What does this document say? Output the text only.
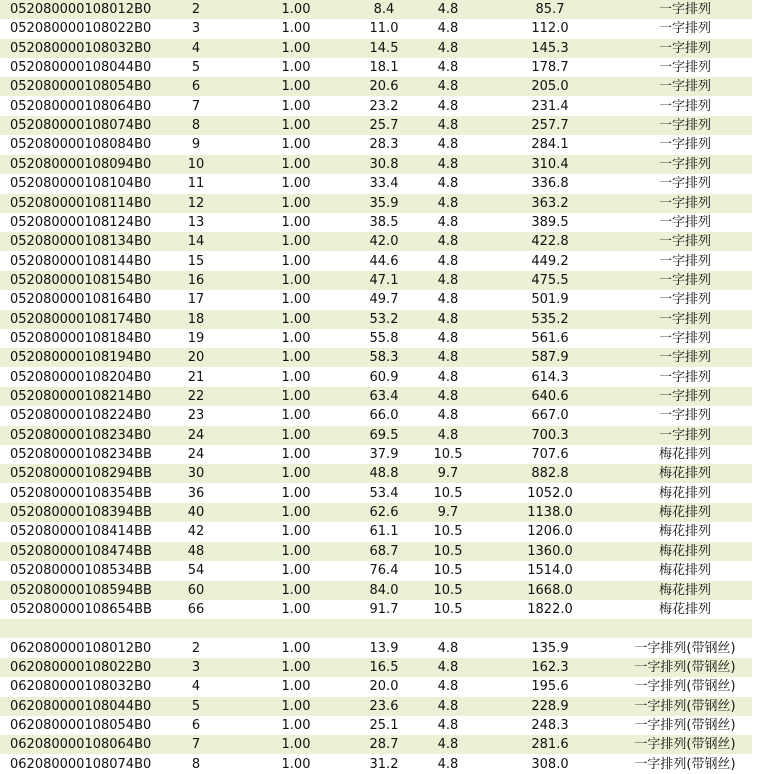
052080000108012B0	2	1.00	8.4	4.8	85.7	一字排列
052080000108022B0	3	1.00	11.0	4.8	112.0	一字排列
052080000108032B0	4	1.00	14.5	4.8	145.3	一字排列
052080000108044B0	5	1.00	18.1	4.8	178.7	一字排列
052080000108054B0	6	1.00	20.6	4.8	205.0	一字排列
052080000108064B0	7	1.00	23.2	4.8	231.4	一字排列
052080000108074B0	8	1.00	25.7	4.8	257.7	一字排列
052080000108084B0	9	1.00	28.3	4.8	284.1	一字排列
052080000108094B0	10	1.00	30.8	4.8	310.4	一字排列
052080000108104B0	11	1.00	33.4	4.8	336.8	一字排列
052080000108114B0	12	1.00	35.9	4.8	363.2	一字排列
052080000108124B0	13	1.00	38.5	4.8	389.5	一字排列
052080000108134B0	14	1.00	42.0	4.8	422.8	一字排列
052080000108144B0	15	1.00	44.6	4.8	449.2	一字排列
052080000108154B0	16	1.00	47.1	4.8	475.5	一字排列
052080000108164B0	17	1.00	49.7	4.8	501.9	一字排列
052080000108174B0	18	1.00	53.2	4.8	535.2	一字排列
052080000108184B0	19	1.00	55.8	4.8	561.6	一字排列
052080000108194B0	20	1.00	58.3	4.8	587.9	一字排列
052080000108204B0	21	1.00	60.9	4.8	614.3	一字排列
052080000108214B0	22	1.00	63.4	4.8	640.6	一字排列
052080000108224B0	23	1.00	66.0	4.8	667.0	一字排列
052080000108234B0	24	1.00	69.5	4.8	700.3	一字排列
052080000108234BB	24	1.00	37.9	10.5	707.6	梅花排列
052080000108294BB	30	1.00	48.8	9.7	882.8	梅花排列
052080000108354BB	36	1.00	53.4	10.5	1052.0	梅花排列
052080000108394BB	40	1.00	62.6	9.7	1138.0	梅花排列
052080000108414BB	42	1.00	61.1	10.5	1206.0	梅花排列
052080000108474BB	48	1.00	68.7	10.5	1360.0	梅花排列
052080000108534BB	54	1.00	76.4	10.5	1514.0	梅花排列
052080000108594BB	60	1.00	84.0	10.5	1668.0	梅花排列
052080000108654BB	66	1.00	91.7	10.5	1822.0	梅花排列
062080000108012B0	2	1.00	13.9	4.8	135.9	一字排列(带钢丝)
062080000108022B0	3	1.00	16.5	4.8	162.3	一字排列(带钢丝)
062080000108032B0	4	1.00	20.0	4.8	195.6	一字排列(带钢丝)
062080000108044B0	5	1.00	23.6	4.8	228.9	一字排列(带钢丝)
062080000108054B0	6	1.00	25.1	4.8	248.3	一字排列(带钢丝)
062080000108064B0	7	1.00	28.7	4.8	281.6	一字排列(带钢丝)
062080000108074B0	8	1.00	31.2	4.8	308.0	一字排列(带钢丝)
